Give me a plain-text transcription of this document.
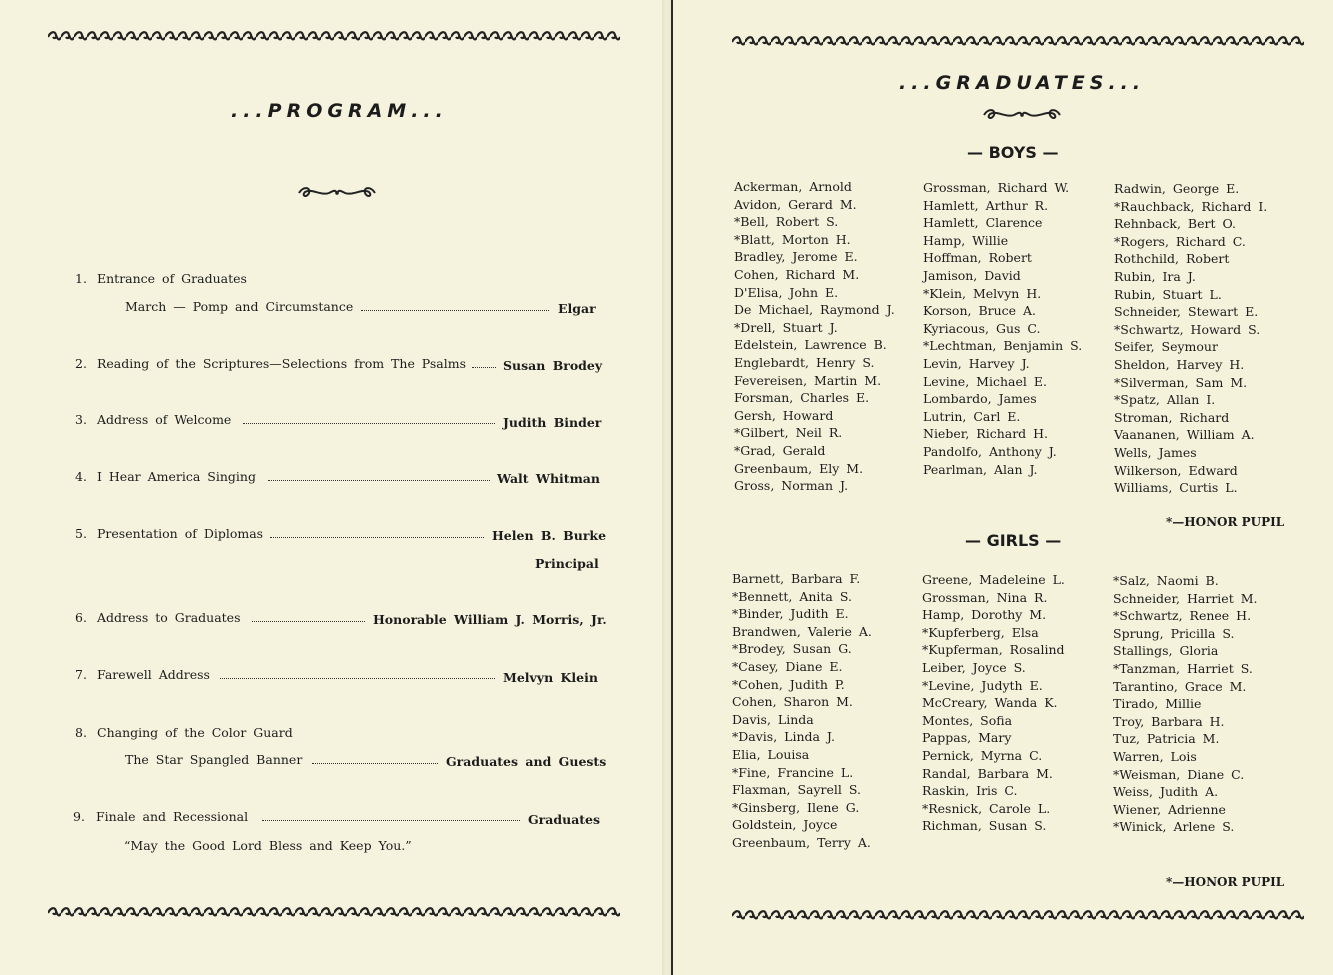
...PROGRAM...
1. Entrance of Graduates
March — Pomp and Circumstance	Elgar
2. Reading of the Scriptures—Selections from The Psalms	Susan Brodey
3. Address of Welcome	Judith Binder
4. I Hear America Singing	Walt Whitman
5. Presentation of Diplomas	Helen B. Burke
Principal
6. Address to Graduates	Honorable William J. Morris, Jr.
7. Farewell Address	Melvyn Klein
8. Changing of the Color Guard
The Star Spangled Banner	Graduates and Guests
9. Finale and Recessional	Graduates
“May the Good Lord Bless and Keep You.”
...GRADUATES...
— BOYS —
Ackerman, Arnold
Avidon, Gerard M.
*Bell, Robert S.
*Blatt, Morton H.
Bradley, Jerome E.
Cohen, Richard M.
D'Elisa, John E.
De Michael, Raymond J.
*Drell, Stuart J.
Edelstein, Lawrence B.
Englebardt, Henry S.
Fevereisen, Martin M.
Forsman, Charles E.
Gersh, Howard
*Gilbert, Neil R.
*Grad, Gerald
Greenbaum, Ely M.
Gross, Norman J.
Grossman, Richard W.
Hamlett, Arthur R.
Hamlett, Clarence
Hamp, Willie
Hoffman, Robert
Jamison, David
*Klein, Melvyn H.
Korson, Bruce A.
Kyriacous, Gus C.
*Lechtman, Benjamin S.
Levin, Harvey J.
Levine, Michael E.
Lombardo, James
Lutrin, Carl E.
Nieber, Richard H.
Pandolfo, Anthony J.
Pearlman, Alan J.
Radwin, George E.
*Rauchback, Richard I.
Rehnback, Bert O.
*Rogers, Richard C.
Rothchild, Robert
Rubin, Ira J.
Rubin, Stuart L.
Schneider, Stewart E.
*Schwartz, Howard S.
Seifer, Seymour
Sheldon, Harvey H.
*Silverman, Sam M.
*Spatz, Allan I.
Stroman, Richard
Vaananen, William A.
Wells, James
Wilkerson, Edward
Williams, Curtis L.
*—HONOR PUPIL
— GIRLS —
Barnett, Barbara F.
*Bennett, Anita S.
*Binder, Judith E.
Brandwen, Valerie A.
*Brodey, Susan G.
*Casey, Diane E.
*Cohen, Judith P.
Cohen, Sharon M.
Davis, Linda
*Davis, Linda J.
Elia, Louisa
*Fine, Francine L.
Flaxman, Sayrell S.
*Ginsberg, Ilene G.
Goldstein, Joyce
Greenbaum, Terry A.
Greene, Madeleine L.
Grossman, Nina R.
Hamp, Dorothy M.
*Kupferberg, Elsa
*Kupferman, Rosalind
Leiber, Joyce S.
*Levine, Judyth E.
McCreary, Wanda K.
Montes, Sofia
Pappas, Mary
Pernick, Myrna C.
Randal, Barbara M.
Raskin, Iris C.
*Resnick, Carole L.
Richman, Susan S.
*Salz, Naomi B.
Schneider, Harriet M.
*Schwartz, Renee H.
Sprung, Pricilla S.
Stallings, Gloria
*Tanzman, Harriet S.
Tarantino, Grace M.
Tirado, Millie
Troy, Barbara H.
Tuz, Patricia M.
Warren, Lois
*Weisman, Diane C.
Weiss, Judith A.
Wiener, Adrienne
*Winick, Arlene S.
*—HONOR PUPIL
